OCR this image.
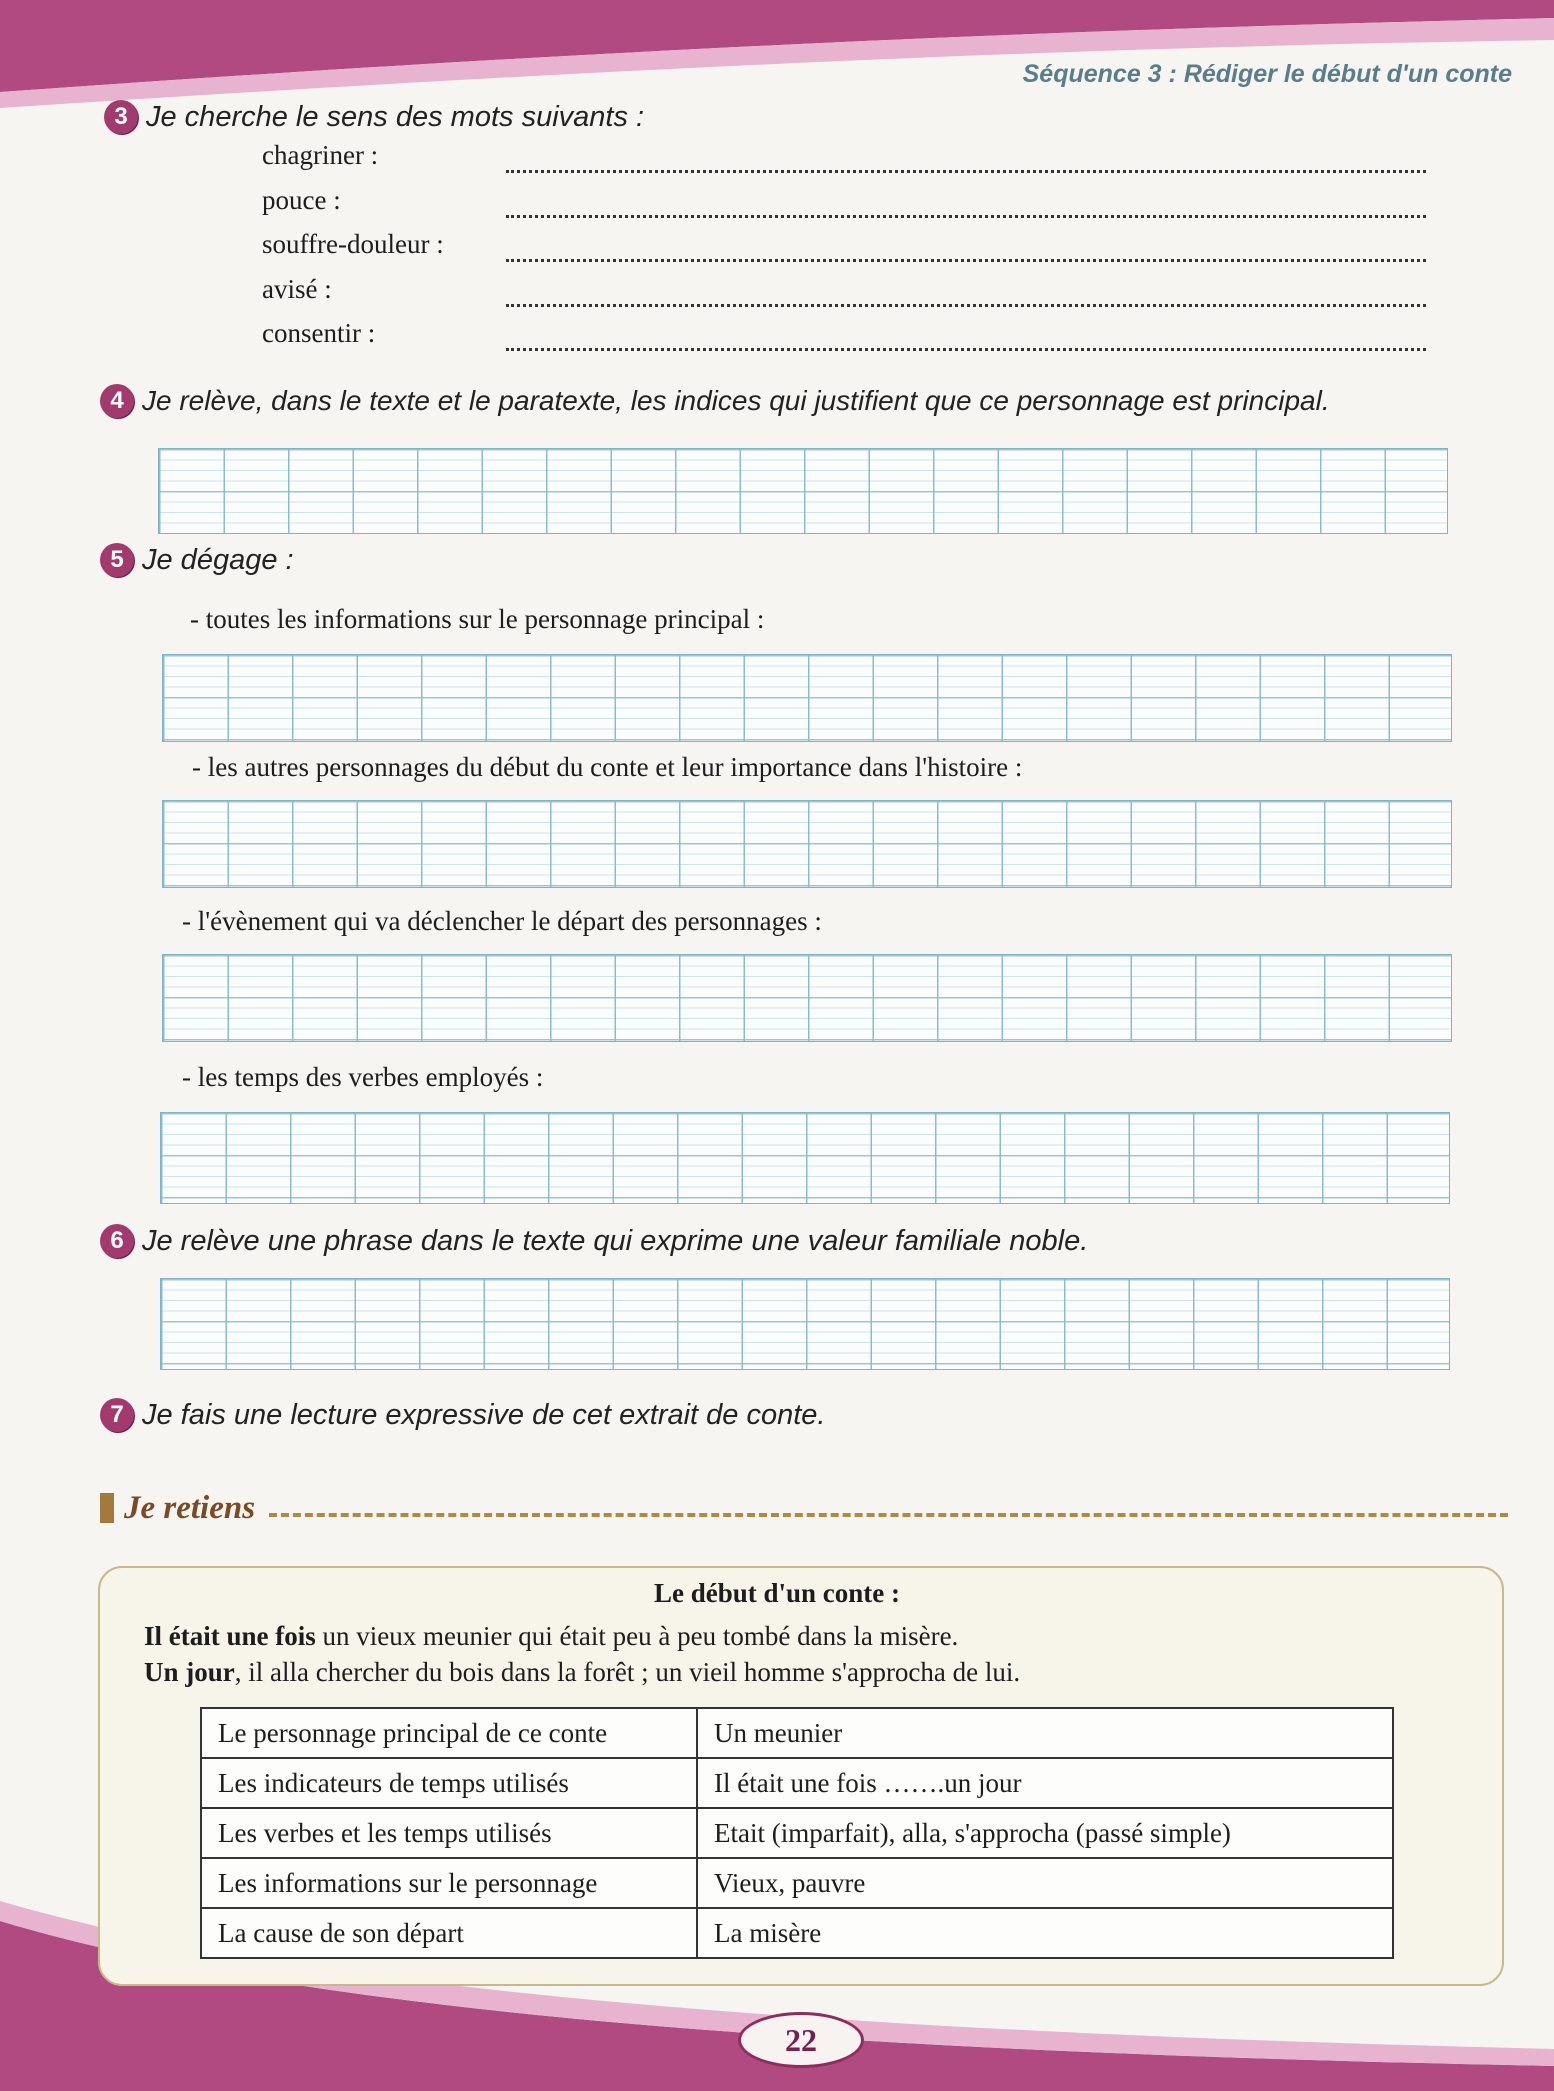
Séquence 3 : Rédiger le début d'un conte
3 Je cherche le sens des mots suivants :
chagriner :
pouce :
souffre-douleur :
avisé :
consentir :
4 Je relève, dans le texte et le paratexte, les indices qui justifient que ce personnage est principal.
5 Je dégage :
- toutes les informations sur le personnage principal :
- les autres personnages du début du conte et leur importance dans l'histoire :
- l'évènement qui va déclencher le départ des personnages :
- les temps des verbes employés :
6 Je relève une phrase dans le texte qui exprime une valeur familiale noble.
7 Je fais une lecture expressive de cet extrait de conte.
Je retiens
Le début d'un conte :
Il était une fois un vieux meunier qui était peu à peu tombé dans la misère.
Un jour, il alla chercher du bois dans la forêt ; un vieil homme s'approcha de lui.
Le personnage principal de ce conte	Un meunier
Les indicateurs de temps utilisés	Il était une fois …….un jour
Les verbes et les temps utilisés	Etait (imparfait), alla, s'approcha (passé simple)
Les informations sur le personnage	Vieux, pauvre
La cause de son départ	La misère
22
